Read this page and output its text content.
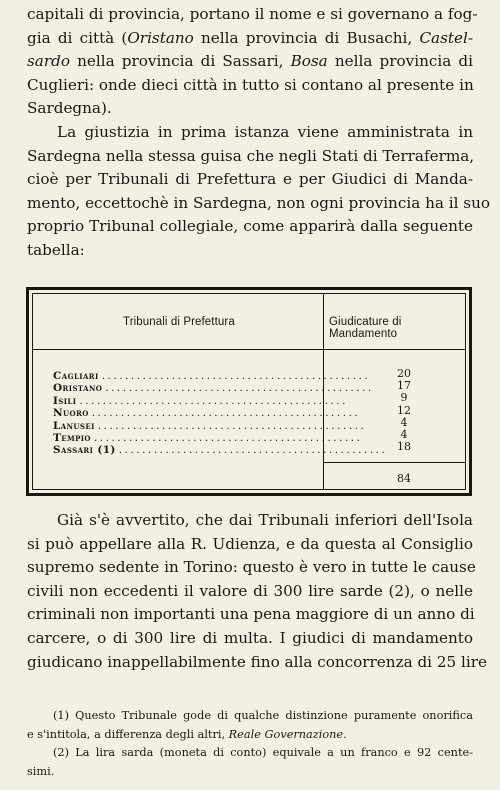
capitali di provincia, portano il nome e si governano a fog-
gia di città (Oristano nella provincia di Busachi, Castel-
sardo nella provincia di Sassari, Bosa nella provincia di
Cuglieri: onde dieci città in tutto si contano al presente in
Sardegna).
La giustizia in prima istanza viene amministrata in
Sardegna nella stessa guisa che negli Stati di Terraferma,
cioè per Tribunali di Prefettura e per Giudici di Manda-
mento, eccettochè in Sardegna, non ogni provincia ha il suo
proprio Tribunal collegiale, come apparirà dalla seguente
tabella:
Tribunali di Prefettura	Giudicature di Mandamento
Cagliari ..............................................
Oristano ..............................................
Isili ..............................................
Nuoro ..............................................
Lanusei ..............................................
Tempio ..............................................
Sassari (1) ..............................................
20
17
9
12
4
4
18
84
Già s'è avvertito, che dai Tribunali inferiori dell'Isola
si può appellare alla R. Udienza, e da questa al Consiglio
supremo sedente in Torino: questo è vero in tutte le cause
civili non eccedenti il valore di 300 lire sarde (2), o nelle
criminali non importanti una pena maggiore di un anno di
carcere, o di 300 lire di multa. I giudici di mandamento
giudicano inappellabilmente fino alla concorrenza di 25 lire
(1) Questo Tribunale gode di qualche distinzione puramente onorifica
e s'intitola, a differenza degli altri, Reale Governazione.
(2) La lira sarda (moneta di conto) equivale a un franco e 92 cente-
simi.
